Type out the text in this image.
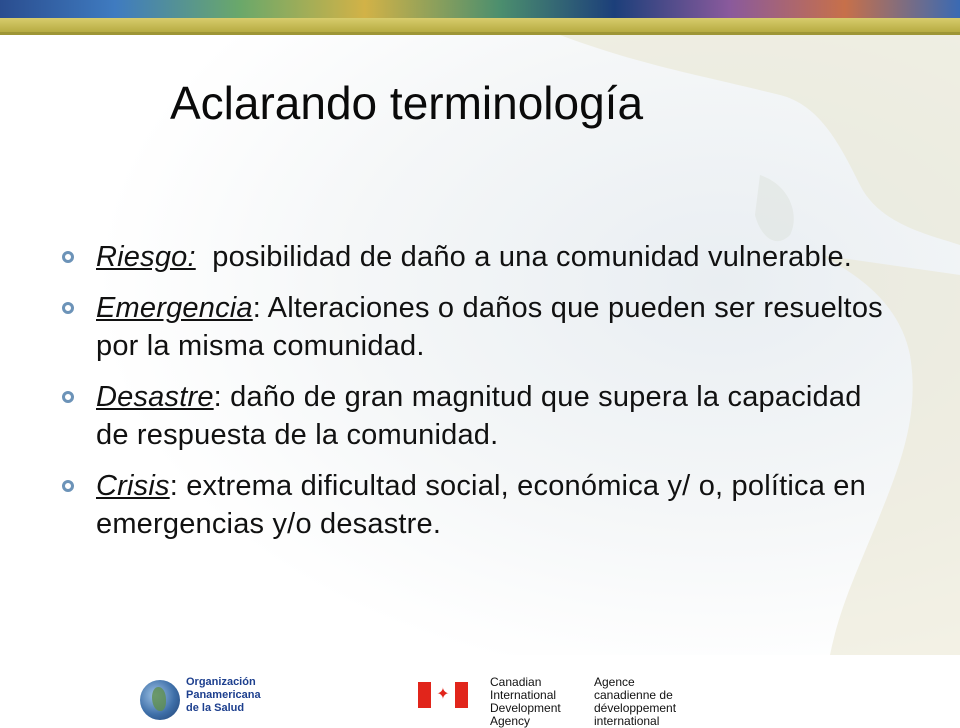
Aclarando terminología
Riesgo:  posibilidad de daño a una comunidad vulnerable.
Emergencia: Alteraciones o daños que pueden ser resueltos por la misma comunidad.
Desastre: daño de gran magnitud que supera la capacidad de respuesta de la comunidad.
Crisis: extrema dificultad social, económica y/ o, política en emergencias y/o desastre.
Organización
Panamericana
de la Salud
✦
Canadian
International
Development
Agency
Agence
canadienne de
développement
international
